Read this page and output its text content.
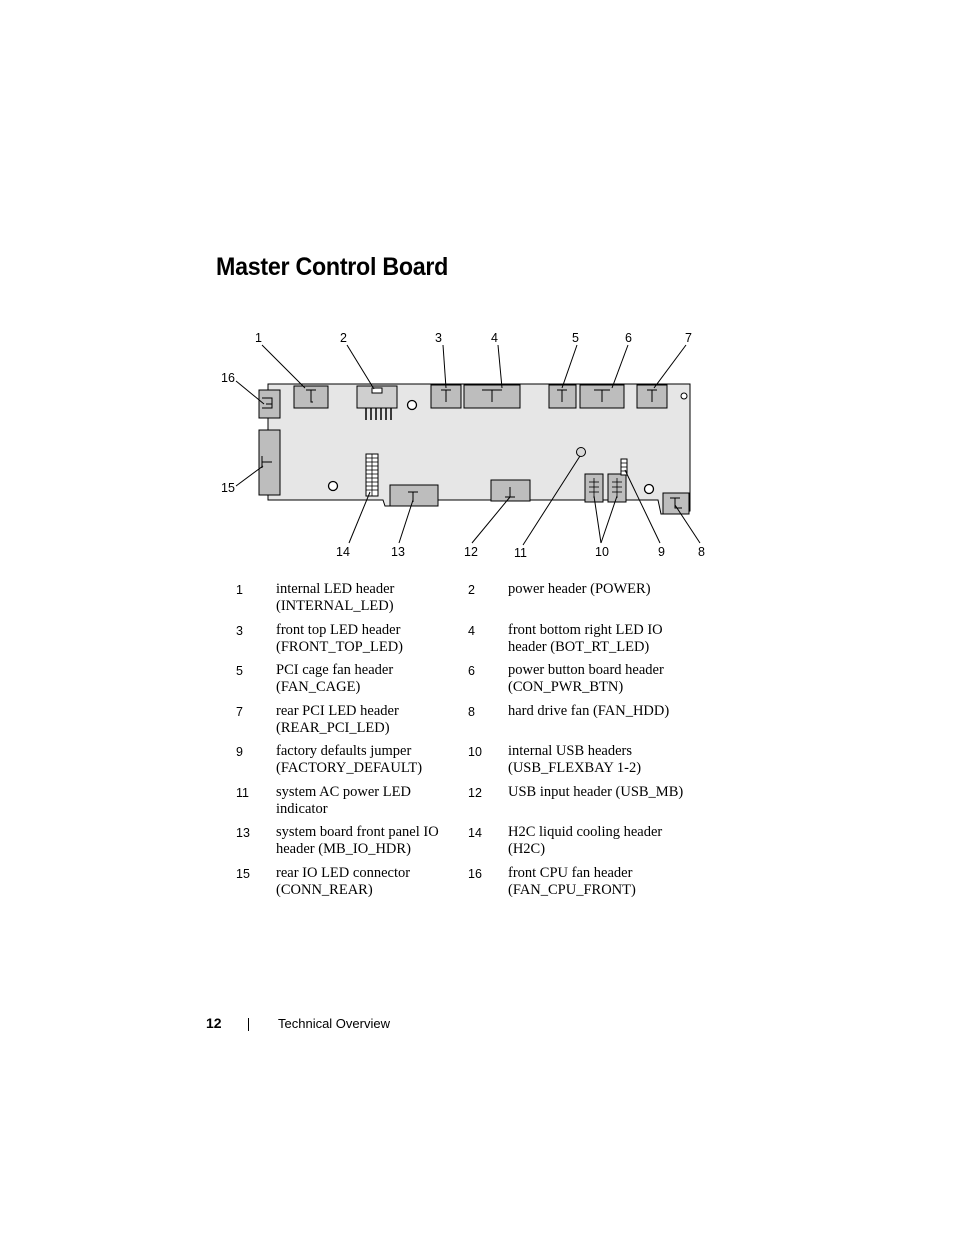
Master Control Board
1	2	3	4	5	6	7
16
15
14	13	12	11	10	9	8
1	internal LED header (INTERNAL_LED)
2	power header (POWER)
3	front top LED header (FRONT_TOP_LED)
4	front bottom right LED IO header (BOT_RT_LED)
5	PCI cage fan header (FAN_CAGE)
6	power button board header (CON_PWR_BTN)
7	rear PCI LED header (REAR_PCI_LED)
8	hard drive fan (FAN_HDD)
9	factory defaults jumper (FACTORY_DEFAULT)
10	internal USB headers (USB_FLEXBAY 1-2)
11	system AC power LED indicator
12	USB input header (USB_MB)
13	system board front panel IO header (MB_IO_HDR)
14	H2C liquid cooling header (H2C)
15	rear IO LED connector (CONN_REAR)
16	front CPU fan header (FAN_CPU_FRONT)
12	Technical Overview
